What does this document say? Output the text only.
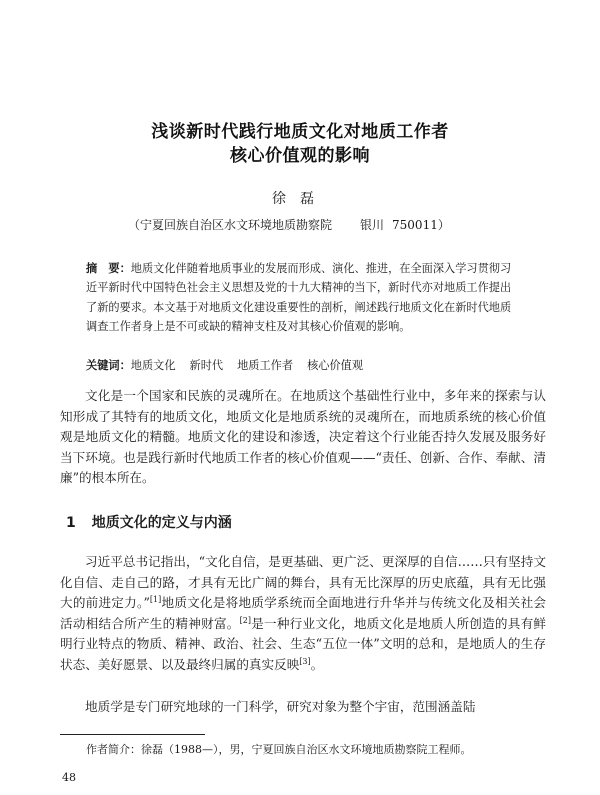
浅谈新时代践行地质文化对地质工作者
核心价值观的影响
徐磊
（宁夏回族自治区水文环境地质勘察院 银川 750011）
摘　要：地质文化伴随着地质事业的发展而形成、演化、推进，在全面深入学习贯彻习近平新时代中国特色社会主义思想及党的十九大精神的当下，新时代亦对地质工作提出了新的要求。本文基于对地质文化建设重要性的剖析，阐述践行地质文化在新时代地质调查工作者身上是不可或缺的精神支柱及对其核心价值观的影响。
关键词：地质文化 新时代 地质工作者 核心价值观
文化是一个国家和民族的灵魂所在。在地质这个基础性行业中，多年来的探索与认知形成了其特有的地质文化，地质文化是地质系统的灵魂所在，而地质系统的核心价值观是地质文化的精髓。地质文化的建设和渗透，决定着这个行业能否持久发展及服务好当下环境。也是践行新时代地质工作者的核心价值观——“责任、创新、合作、奉献、清廉”的根本所在。
1 地质文化的定义与内涵
习近平总书记指出，“文化自信，是更基础、更广泛、更深厚的自信……只有坚持文化自信、走自己的路，才具有无比广阔的舞台，具有无比深厚的历史底蕴，具有无比强大的前进定力。”[1]地质文化是将地质学系统而全面地进行升华并与传统文化及相关社会活动相结合所产生的精神财富。[2]是一种行业文化，地质文化是地质人所创造的具有鲜明行业特点的物质、精神、政治、社会、生态“五位一体”文明的总和，是地质人的生存状态、美好愿景、以及最终归属的真实反映[3]。
地质学是专门研究地球的一门科学，研究对象为整个宇宙，范围涵盖陆
作者简介：徐磊（1988—），男，宁夏回族自治区水文环境地质勘察院工程师。
48
